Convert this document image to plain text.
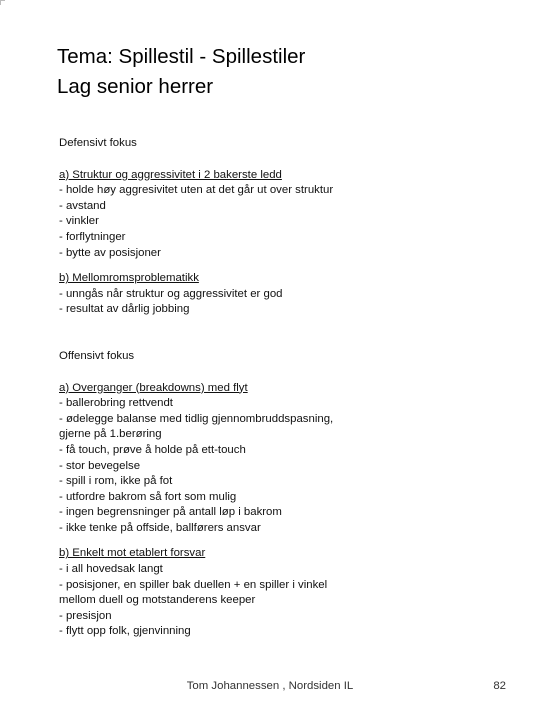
Tema: Spillestil - Spillestiler
Lag senior herrer
Defensivt fokus
a) Struktur og aggressivitet i 2 bakerste ledd
- holde høy aggresivitet uten at det går ut over struktur
- avstand
- vinkler
- forflytninger
- bytte av posisjoner
b) Mellomromsproblematikk
- unngås når struktur og aggressivitet er god
- resultat av dårlig jobbing
Offensivt fokus
a) Overganger (breakdowns) med flyt
- ballerobring rettvendt
- ødelegge balanse med tidlig gjennombruddspasning,
gjerne på 1.berøring
- få touch, prøve å holde på ett-touch
- stor bevegelse
- spill i rom, ikke på fot
- utfordre bakrom så fort som mulig
- ingen begrensninger på antall løp i bakrom
- ikke tenke på offside, ballførers ansvar
b) Enkelt mot etablert forsvar
- i all hovedsak langt
- posisjoner, en spiller bak duellen + en spiller i vinkel
mellom duell og motstanderens keeper
- presisjon
- flytt opp folk, gjenvinning
Tom Johannessen , Nordsiden IL	82
